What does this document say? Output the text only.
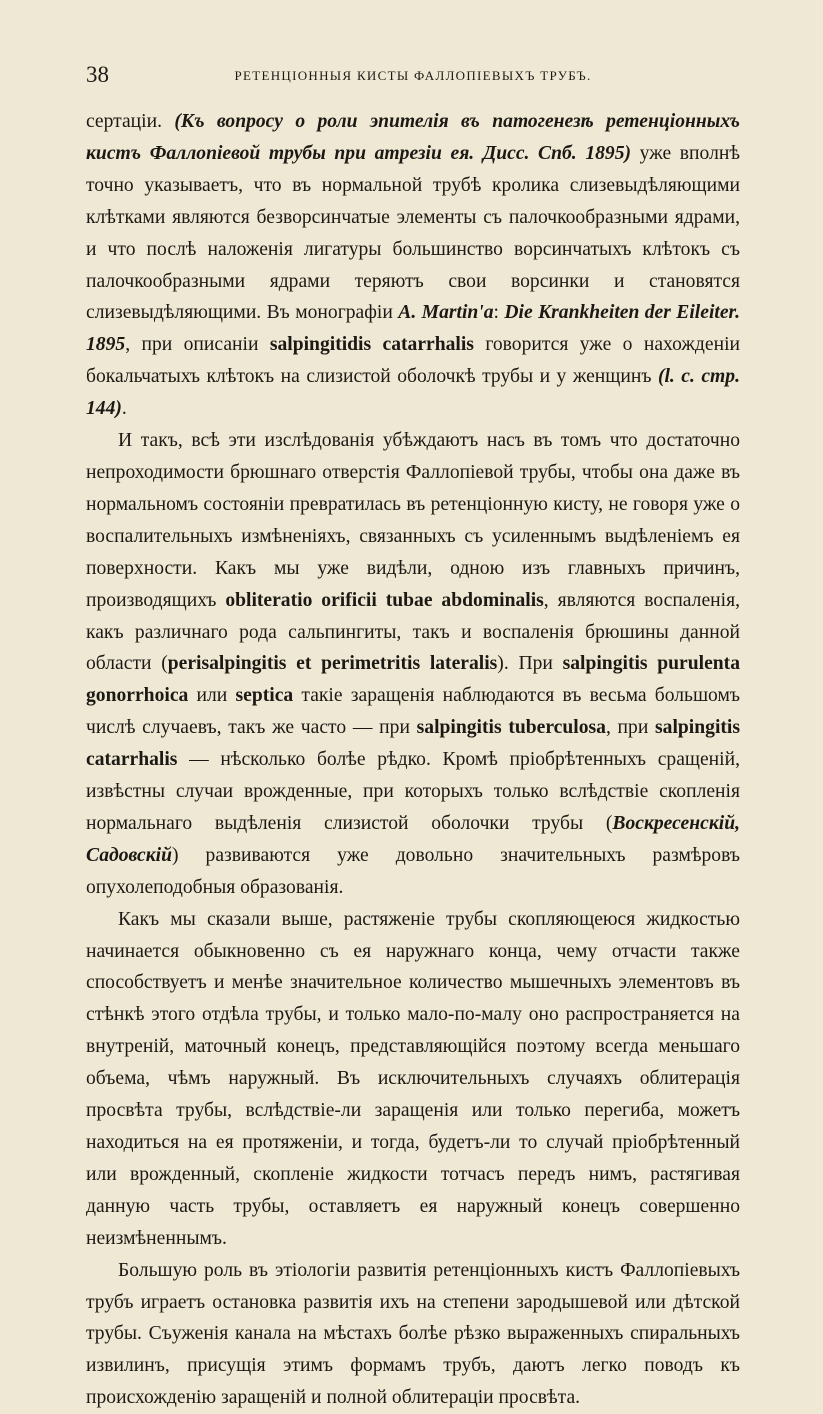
38	РЕТЕНЦІОННЫЯ КИСТЫ ФАЛЛОПІЕВЫХЪ ТРУБЪ.

сертаціи. (Къ вопросу о роли эпителія въ патогенезѣ ретенціонныхъ кистъ Фаллопіевой трубы при атрезіи ея. Дисс. Спб. 1895) уже вполнѣ точно указываетъ, что въ нормальной трубѣ кролика слизевыдѣляющими клѣтками являются безворсинчатые элементы съ палочкообразными ядрами, и что послѣ наложенія лигатуры большинство ворсинчатыхъ клѣтокъ съ палочкообразными ядрами теряютъ свои ворсинки и становятся слизевыдѣляющими. Въ монографіи A. Martin'a: Die Krankheiten der Eileiter. 1895, при описаніи salpingitidis catarrhalis говорится уже о нахожденіи бокальчатыхъ клѣтокъ на слизистой оболочкѣ трубы и у женщинъ (l. c. стр. 144).

И такъ, всѣ эти изслѣдованія убѣждаютъ насъ въ томъ что достаточно непроходимости брюшнаго отверстія Фаллопіевой трубы, чтобы она даже въ нормальномъ состояніи превратилась въ ретенціонную кисту, не говоря уже о воспалительныхъ измѣненіяхъ, связанныхъ съ усиленнымъ выдѣленіемъ ея поверхности. Какъ мы уже видѣли, одною изъ главныхъ причинъ, производящихъ obliteratio orificii tubae abdominalis, являются воспаленія, какъ различнаго рода сальпингиты, такъ и воспаленія брюшины данной области (perisalpingitis et perimetritis lateralis). При salpingitis purulenta gonorrhoica или septica такіе заращенія наблюдаются въ весьма большомъ числѣ случаевъ, такъ же часто — при salpingitis tuberculosa, при salpingitis catarrhalis — нѣсколько болѣе рѣдко. Кромѣ пріобрѣтенныхъ сращеній, извѣстны случаи врожденные, при которыхъ только вслѣдствіе скопленія нормальнаго выдѣленія слизистой оболочки трубы (Воскресенскій, Садовскій) развиваются уже довольно значительныхъ размѣровъ опухолеподобныя образованія.

Какъ мы сказали выше, растяженіе трубы скопляющеюся жидкостью начинается обыкновенно съ ея наружнаго конца, чему отчасти также способствуетъ и менѣе значительное количество мышечныхъ элементовъ въ стѣнкѣ этого отдѣла трубы, и только мало-по-малу оно распространяется на внутреній, маточный конецъ, представляющійся поэтому всегда меньшаго объема, чѣмъ наружный. Въ исключительныхъ случаяхъ облитерація просвѣта трубы, вслѣдствіе-ли заращенія или только перегиба, можетъ находиться на ея протяженіи, и тогда, будетъ-ли то случай пріобрѣтенный или врожденный, скопленіе жидкости тотчасъ передъ нимъ, растягивая данную часть трубы, оставляетъ ея наружный конецъ совершенно неизмѣненнымъ.

Большую роль въ этіологіи развитія ретенціонныхъ кистъ Фаллопіевыхъ трубъ играетъ остановка развитія ихъ на степени зародышевой или дѣтской трубы. Съуженія канала на мѣстахъ болѣе рѣзко выраженныхъ спиральныхъ извилинъ, присущія этимъ формамъ трубъ, даютъ легко поводъ къ происхожденію заращеній и полной облитераціи просвѣта.
